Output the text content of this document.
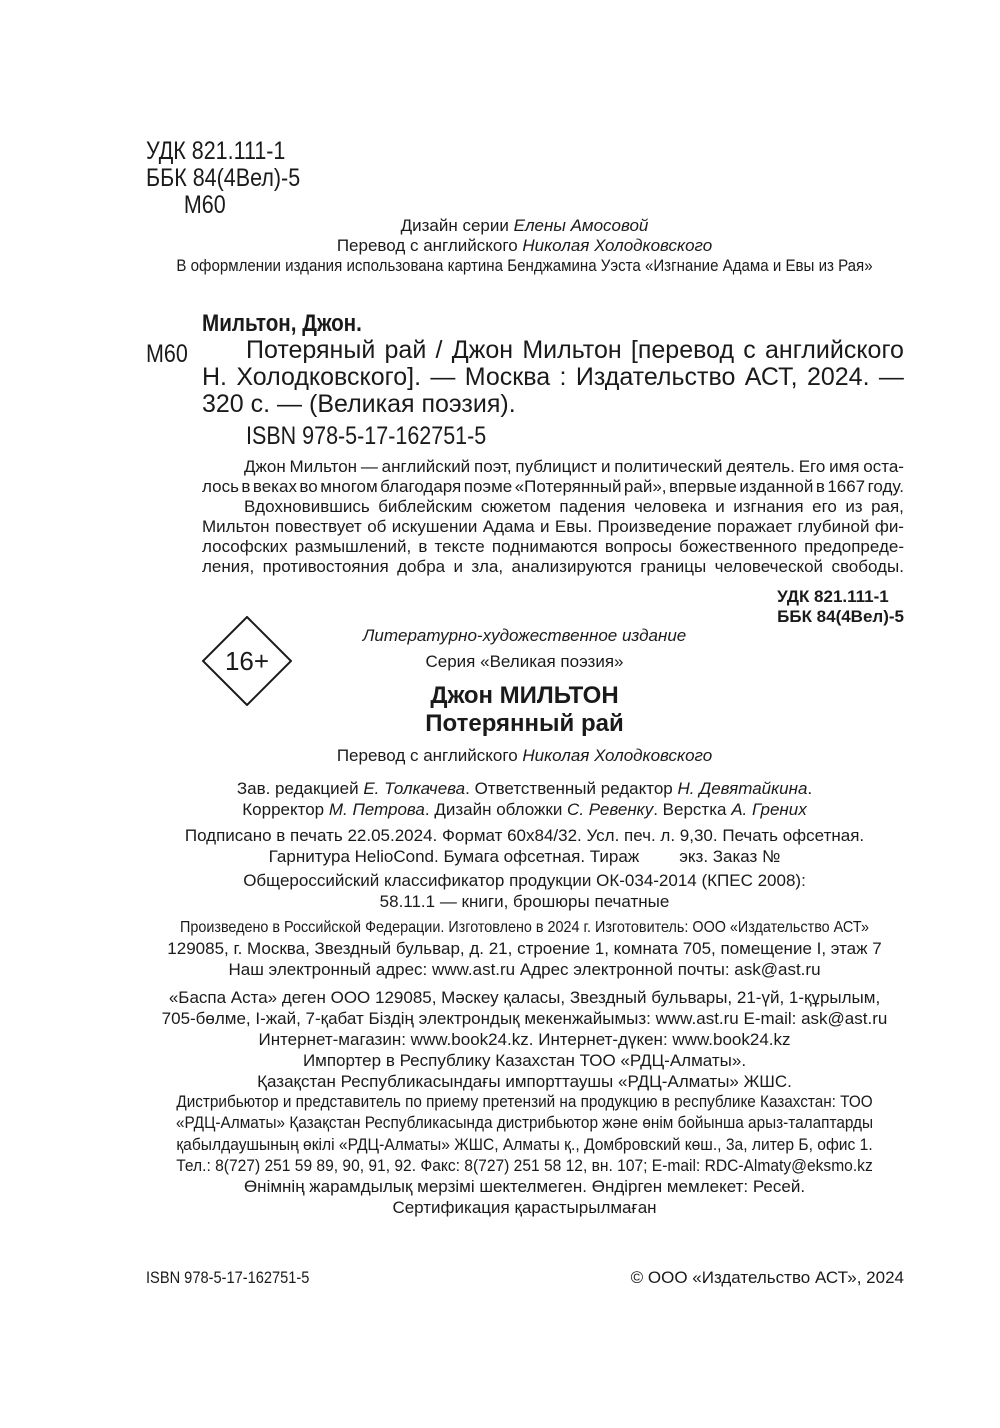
УДК 821.111-1
ББК 84(4Вел)-5
М60
Дизайн серии Елены Амосовой
Перевод с английского Николая Холодковского
В оформлении издания использована картина Бенджамина Уэста «Изгнание Адама и Евы из Рая»
Мильтон, Джон.
М60 Потеряный рай / Джон Мильтон [перевод с английского
Н. Холодковского]. — Москва : Издательство АСТ, 2024. —
320 с. — (Великая поэзия).
ISBN 978-5-17-162751-5
Джон Мильтон — английский поэт, публицист и политический деятель. Его имя оста-
лось в веках во многом благодаря поэме «Потерянный рай», впервые изданной в 1667 году.
Вдохновившись библейским сюжетом падения человека и изгнания его из рая,
Мильтон повествует об искушении Адама и Евы. Произведение поражает глубиной фи-
лософских размышлений, в тексте поднимаются вопросы божественного предопреде-
ления, противостояния добра и зла, анализируются границы человеческой свободы.
УДК 821.111-1
ББК 84(4Вел)-5
16+
Литературно-художественное издание
Серия «Великая поэзия»
Джон МИЛЬТОН
Потерянный рай
Перевод с английского Николая Холодковского
Зав. редакцией Е. Толкачева. Ответственный редактор Н. Девятайкина.
Корректор М. Петрова. Дизайн обложки С. Ревенку. Верстка А. Грених
Подписано в печать 22.05.2024. Формат 60х84/32. Усл. печ. л. 9,30. Печать офсетная.
Гарнитура HelioCond. Бумага офсетная. Тираж экз. Заказ №
Общероссийский классификатор продукции ОК-034-2014 (КПЕС 2008):
58.11.1 — книги, брошюры печатные
Произведено в Российской Федерации. Изготовлено в 2024 г. Изготовитель: ООО «Издательство АСТ»
129085, г. Москва, Звездный бульвар, д. 21, строение 1, комната 705, помещение I, этаж 7
Наш электронный адрес: www.ast.ru Адрес электронной почты: ask@ast.ru
«Баспа Аста» деген ООО 129085, Мәскеу қаласы, Звездный бульвары, 21-үй, 1-құрылым,
705-бөлме, I-жай, 7-қабат Біздің электрондық мекенжайымыз: www.ast.ru E-mail: ask@ast.ru
Интернет-магазин: www.book24.kz. Интернет-дүкен: www.book24.kz
Импортер в Республику Казахстан ТОО «РДЦ-Алматы».
Қазақстан Республикасындағы импорттаушы «РДЦ-Алматы» ЖШС.
Дистрибьютор и представитель по приему претензий на продукцию в республике Казахстан: ТОО
«РДЦ-Алматы» Қазақстан Республикасында дистрибьютор және өнім бойынша арыз-талаптарды
қабылдаушының өкілі «РДЦ-Алматы» ЖШС, Алматы қ., Домбровский көш., 3а, литер Б, офис 1.
Тел.: 8(727) 251 59 89, 90, 91, 92. Факс: 8(727) 251 58 12, вн. 107; E-mail: RDC-Almaty@eksmo.kz
Өнімнің жарамдылық мерзімі шектелмеген. Өндірген мемлекет: Ресей.
Сертификация қарастырылмаған
ISBN 978-5-17-162751-5	© ООО «Издательство АСТ», 2024
